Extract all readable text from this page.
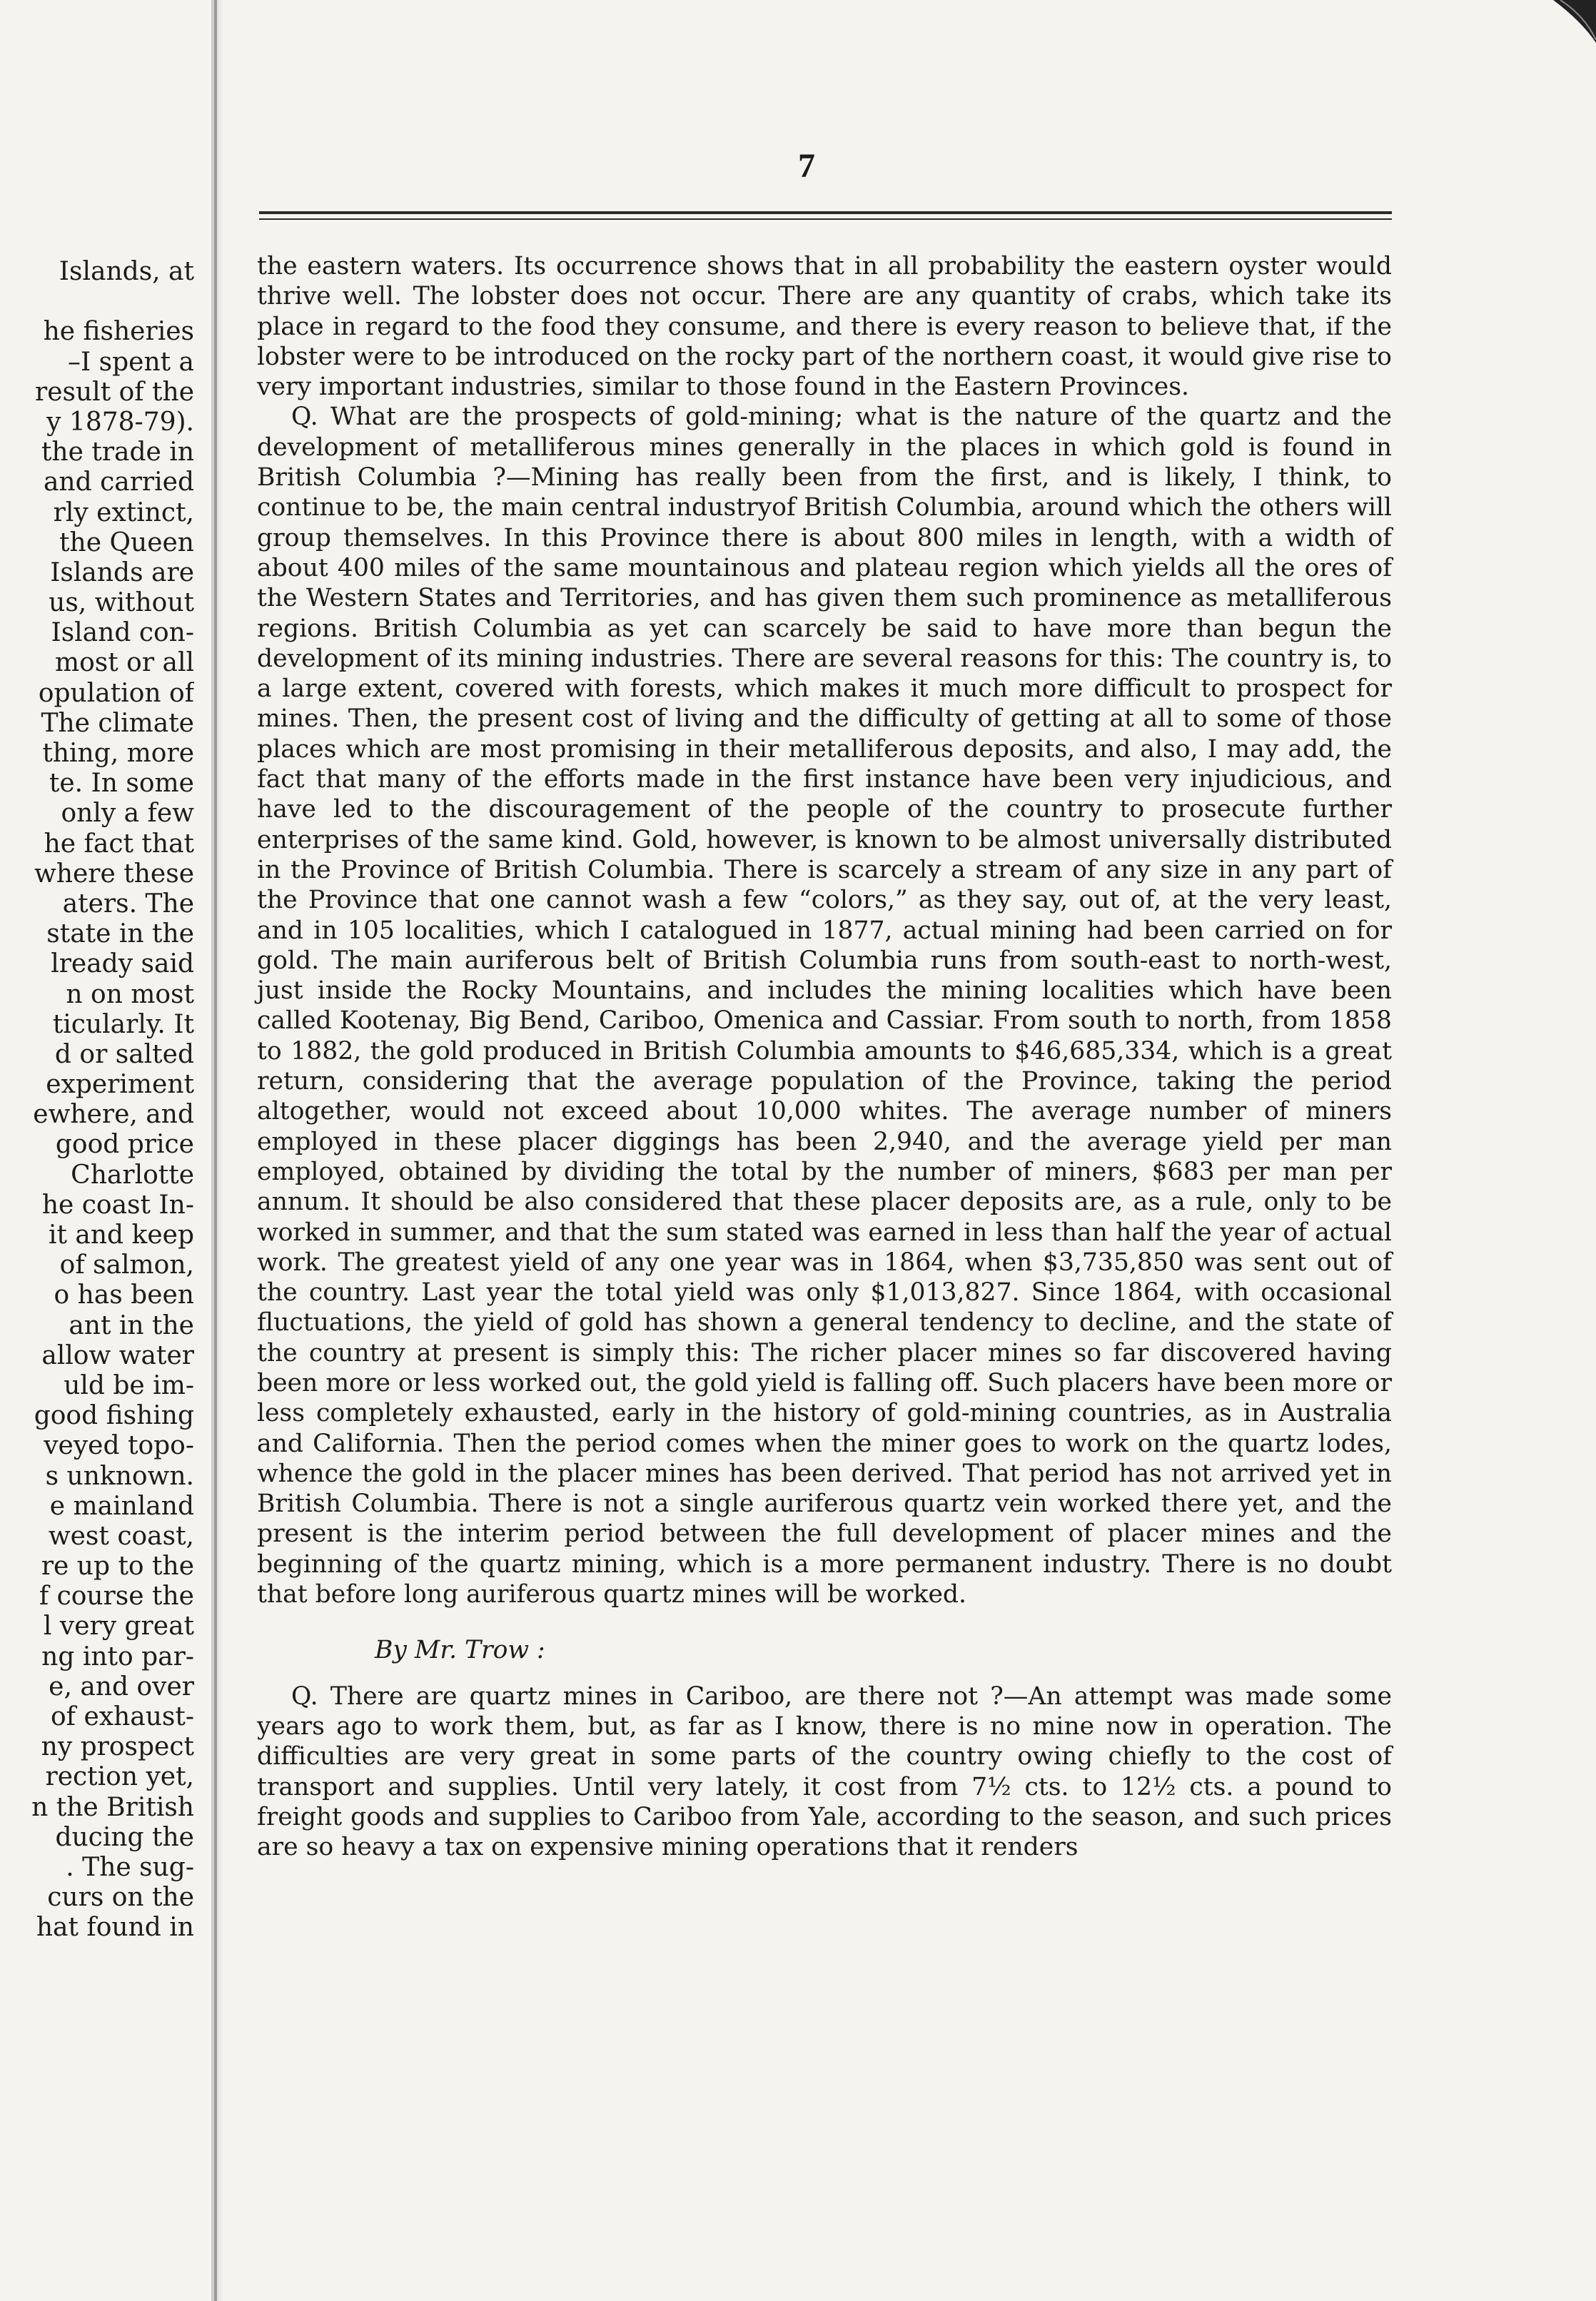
Islands, at
he fisheries
–I spent a
result of the
y 1878-79).
the trade in
and carried
rly extinct,
the Queen
Islands are
us, without
Island con-
most or all
opulation of
The climate
thing, more
te. In some
only a few
he fact that
where these
aters. The
state in the
lready said
n on most
ticularly. It
d or salted
experiment
ewhere, and
good price
Charlotte
he coast In-
it and keep
of salmon,
o has been
ant in the
allow water
uld be im-
good fishing
veyed topo-
s unknown.
e mainland
west coast,
re up to the
f course the
l very great
ng into par-
e, and over
of exhaust-
ny prospect
rection yet,
n the British
ducing the
. The sug-
curs on the
hat found in
7

the eastern waters. Its occurrence shows that in all probability the eastern oyster would thrive well. The lobster does not occur. There are any quantity of crabs, which take its place in regard to the food they consume, and there is every reason to believe that, if the lobster were to be introduced on the rocky part of the northern coast, it would give rise to very important industries, similar to those found in the Eastern Provinces.

Q. What are the prospects of gold-mining; what is the nature of the quartz and the development of metalliferous mines generally in the places in which gold is found in British Columbia ?—Mining has really been from the first, and is likely, I think, to continue to be, the main central industryof British Columbia, around which the others will group themselves. In this Province there is about 800 miles in length, with a width of about 400 miles of the same mountainous and plateau region which yields all the ores of the Western States and Territories, and has given them such prominence as metalliferous regions. British Columbia as yet can scarcely be said to have more than begun the development of its mining industries. There are several reasons for this: The country is, to a large extent, covered with forests, which makes it much more difficult to prospect for mines. Then, the present cost of living and the difficulty of getting at all to some of those places which are most promising in their metalliferous deposits, and also, I may add, the fact that many of the efforts made in the first instance have been very injudicious, and have led to the discouragement of the people of the country to prosecute further enterprises of the same kind. Gold, however, is known to be almost universally distributed in the Province of British Columbia. There is scarcely a stream of any size in any part of the Province that one cannot wash a few “colors,” as they say, out of, at the very least, and in 105 localities, which I catalogued in 1877, actual mining had been carried on for gold. The main auriferous belt of British Columbia runs from south-east to north-west, just inside the Rocky Mountains, and includes the mining localities which have been called Kootenay, Big Bend, Cariboo, Omenica and Cassiar. From south to north, from 1858 to 1882, the gold produced in British Columbia amounts to $46,685,334, which is a great return, considering that the average population of the Province, taking the period altogether, would not exceed about 10,000 whites. The average number of miners employed in these placer diggings has been 2,940, and the average yield per man employed, obtained by dividing the total by the number of miners, $683 per man per annum. It should be also considered that these placer deposits are, as a rule, only to be worked in summer, and that the sum stated was earned in less than half the year of actual work. The greatest yield of any one year was in 1864, when $3,735,850 was sent out of the country. Last year the total yield was only $1,013,827. Since 1864, with occasional fluctuations, the yield of gold has shown a general tendency to decline, and the state of the country at present is simply this: The richer placer mines so far discovered having been more or less worked out, the gold yield is falling off. Such placers have been more or less completely exhausted, early in the history of gold-mining countries, as in Australia and California. Then the period comes when the miner goes to work on the quartz lodes, whence the gold in the placer mines has been derived. That period has not arrived yet in British Columbia. There is not a single auriferous quartz vein worked there yet, and the present is the interim period between the full development of placer mines and the beginning of the quartz mining, which is a more permanent industry. There is no doubt that before long auriferous quartz mines will be worked.

By Mr. Trow :

Q. There are quartz mines in Cariboo, are there not ?—An attempt was made some years ago to work them, but, as far as I know, there is no mine now in operation. The difficulties are very great in some parts of the country owing chiefly to the cost of transport and supplies. Until very lately, it cost from 7½ cts. to 12½ cts. a pound to freight goods and supplies to Cariboo from Yale, according to the season, and such prices are so heavy a tax on expensive mining operations that it renders
